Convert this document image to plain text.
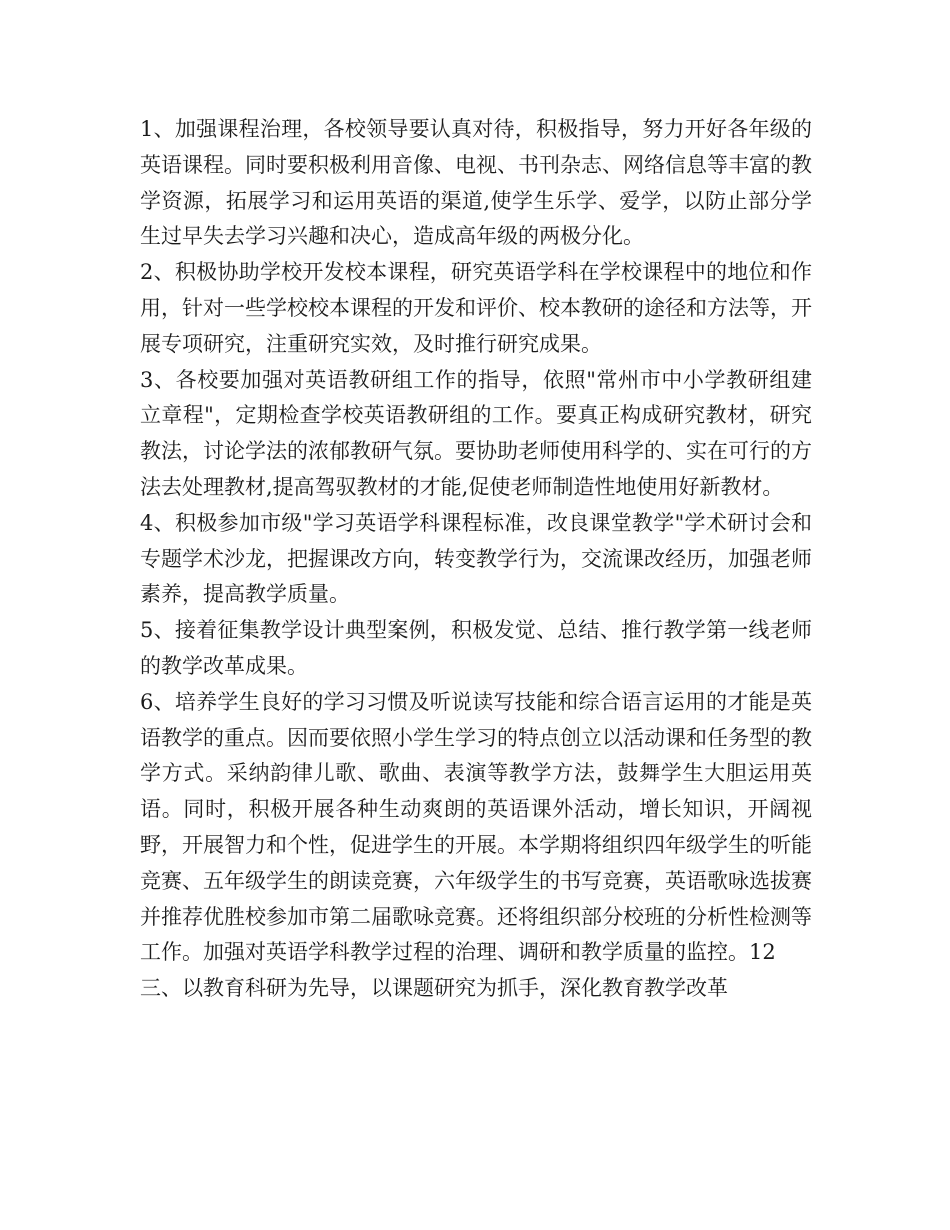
1、加强课程治理，各校领导要认真对待，积极指导，努力开好各年级的英语课程。同时要积极利用音像、电视、书刊杂志、网络信息等丰富的教学资源，拓展学习和运用英语的渠道,使学生乐学、爱学，以防止部分学生过早失去学习兴趣和决心，造成高年级的两极分化。

2、积极协助学校开发校本课程，研究英语学科在学校课程中的地位和作用，针对一些学校校本课程的开发和评价、校本教研的途径和方法等，开展专项研究，注重研究实效，及时推行研究成果。

3、各校要加强对英语教研组工作的指导，依照"常州市中小学教研组建立章程"，定期检查学校英语教研组的工作。要真正构成研究教材，研究教法，讨论学法的浓郁教研气氛。要协助老师使用科学的、实在可行的方法去处理教材,提高驾驭教材的才能,促使老师制造性地使用好新教材。

4、积极参加市级"学习英语学科课程标准，改良课堂教学"学术研讨会和专题学术沙龙，把握课改方向，转变教学行为，交流课改经历，加强老师素养，提高教学质量。

5、接着征集教学设计典型案例，积极发觉、总结、推行教学第一线老师的教学改革成果。

6、培养学生良好的学习习惯及听说读写技能和综合语言运用的才能是英语教学的重点。因而要依照小学生学习的特点创立以活动课和任务型的教学方式。采纳韵律儿歌、歌曲、表演等教学方法，鼓舞学生大胆运用英语。同时，积极开展各种生动爽朗的英语课外活动，增长知识，开阔视野，开展智力和个性，促进学生的开展。本学期将组织四年级学生的听能竞赛、五年级学生的朗读竞赛，六年级学生的书写竞赛，英语歌咏选拔赛并推荐优胜校参加市第二届歌咏竞赛。还将组织部分校班的分析性检测等工作。加强对英语学科教学过程的治理、调研和教学质量的监控。12

三、以教育科研为先导，以课题研究为抓手，深化教育教学改革
